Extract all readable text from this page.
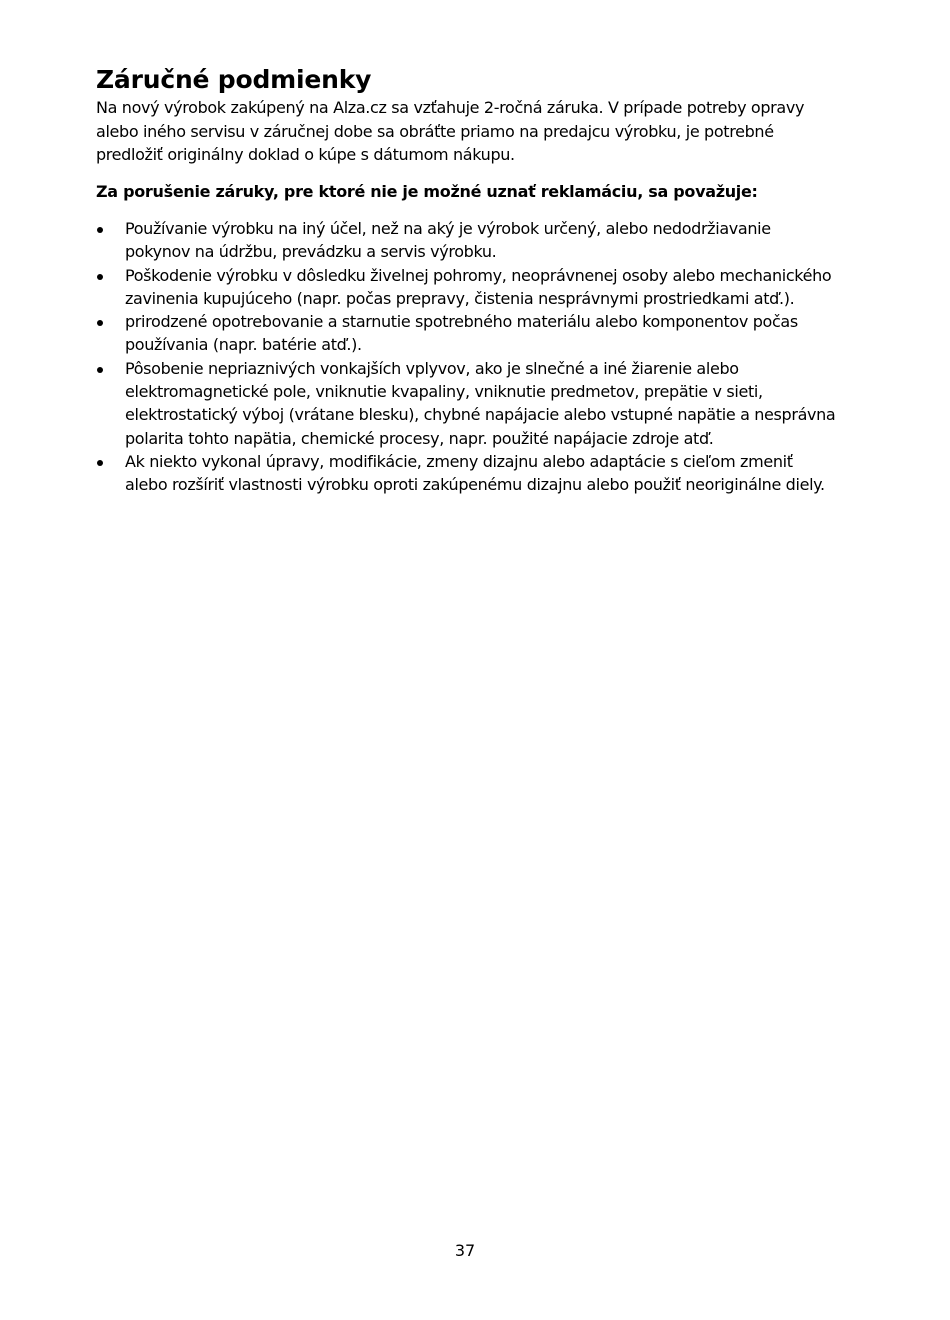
Záručné podmienky

Na nový výrobok zakúpený na Alza.cz sa vzťahuje 2-ročná záruka. V prípade potreby opravy alebo iného servisu v záručnej dobe sa obráťte priamo na predajcu výrobku, je potrebné predložiť originálny doklad o kúpe s dátumom nákupu.

Za porušenie záruky, pre ktoré nie je možné uznať reklamáciu, sa považuje:

Používanie výrobku na iný účel, než na aký je výrobok určený, alebo nedodržiavanie pokynov na údržbu, prevádzku a servis výrobku.
Poškodenie výrobku v dôsledku živelnej pohromy, neoprávnenej osoby alebo mechanického zavinenia kupujúceho (napr. počas prepravy, čistenia nesprávnymi prostriedkami atď.).
prirodzené opotrebovanie a starnutie spotrebného materiálu alebo komponentov počas používania (napr. batérie atď.).
Pôsobenie nepriaznivých vonkajších vplyvov, ako je slnečné a iné žiarenie alebo elektromagnetické pole, vniknutie kvapaliny, vniknutie predmetov, prepätie v sieti, elektrostatický výboj (vrátane blesku), chybné napájacie alebo vstupné napätie a nesprávna polarita tohto napätia, chemické procesy, napr. použité napájacie zdroje atď.
Ak niekto vykonal úpravy, modifikácie, zmeny dizajnu alebo adaptácie s cieľom zmeniť alebo rozšíriť vlastnosti výrobku oproti zakúpenému dizajnu alebo použiť neoriginálne diely.
37
